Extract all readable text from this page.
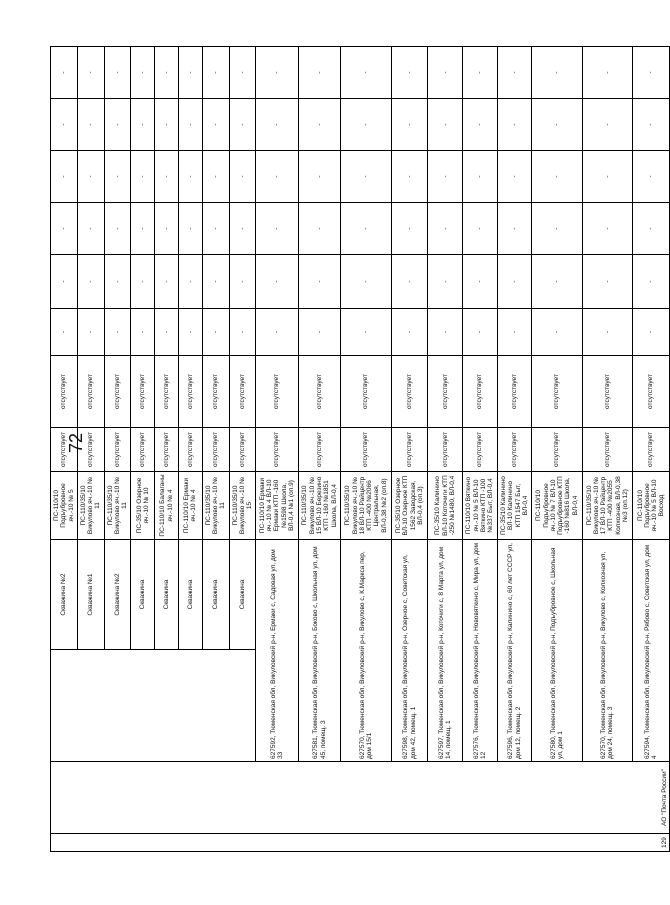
72
129	АО "Почта России"		Скважина №2	ПС-110/10 Подъубровное яч.-10 № 5	отсутствует	отсутствует	-	-	-	-	-	-
			Скважина №1	ПС-110/35/10 Викулово яч.-10 № 11	отсутствует	отсутствует	-	-	-	-	-	-
			Скважина №2	ПС-110/35/10 Викулово яч.-10 № 11	отсутствует	отсутствует	-	-	-	-	-	-
			Скважина	ПС-35/10 Озерное яч.-10 № 10	отсутствует	отсутствует	-	-	-	-	-	-
			Скважина	ПС-110/10 Балаганы яч.-10 № 4	отсутствует	отсутствует	-	-	-	-	-	-
			Скважина	ПС-110/10 Ермаки яч.-10 № 4	отсутствует	отсутствует	-	-	-	-	-	-
			Скважина	ПС-110/35/10 Викулово яч.-10 № 11	отсутствует	отсутствует	-	-	-	-	-	-
			Скважина	ПС-110/35/10 Викулово яч.-10 № 15	отсутствует	отсутствует	-	-	-	-	-	-
		627592, Тюменская обл, Викуловский р-н, Ермаки с, Садовая ул, дом 33		ПС-110/10 Ермаки яч.-10 № 4 ВЛ-10 Ермаки КТП -160 №1598 Школа, ВЛ-0,4 №1 (оп.9)	отсутствует	отсутствует	-	-	-	-	-	-
		627581, Тюменская обл, Викуловский р-н, Боково с, Школьная ул, дом 45, помещ. 3		ПС-110/35/10 Викулово яч.-10 № 15 ВЛ-10 Березино КТП -160 №1851 Школа, ВЛ-0,4	отсутствует	отсутствует	-	-	-	-	-	-
		627570, Тюменская обл, Викуловский р-н, Викулово с, К.Маркса пер, дом 15/1		ПС-110/35/10 Викулово яч.-10 № 18 ВЛ-10 Райцентр КТП -400 №2066 Центральная, ВЛ-0,38 №2 (оп.8)	отсутствует	отсутствует	-	-	-	-	-	-
		627598, Тюменская обл, Викуловский р-н, Озерное с, Советская ул, дом 42, помещ. 1		ПС-35/10 Озерное ВЛ-10 Озерное КТП 1562 Заводская, ВЛ-0,4 (оп.3)	отсутствует	отсутствует	-	-	-	-	-	-
		627597, Тюменская обл, Викуловский р-н, Коточиги с, 8 Марта ул, дом 14, помещ. 1		ПС-35/10 Калинино ВЛ-10 Коточиги КТП -250 №1480, ВЛ-0,4	отсутствует	отсутствует	-	-	-	-	-	-
		627576, Тюменская обл, Викуловский р-н, Нововяткино с, Мира ул, дом 12		ПС-110/10 Вяткино яч.-10 № 5 ВЛ-10 Вяткино КТП -100 №337 Быт, ВЛ-0,4	отсутствует	отсутствует	-	-	-	-	-	-
		627596, Тюменская обл, Викуловский р-н, Калинино с, 60 лет СССР ул, дом 12, помещ. 2		ПС-35/10 Калинино ВЛ-10 Калинино КТП 1547 Быт, ВЛ-0,4	отсутствует	отсутствует	-	-	-	-	-	-
		627580, Тюменская обл, Викуловский р-н, Подъубровное с, Школьная ул, дом 1		ПС-110/10 Подъубровное яч.-10 № 7 ВЛ-10 Подъубровное КТП -160 №816 Школа, ВЛ-0,4	отсутствует	отсутствует	-	-	-	-	-	-
		627570, Тюменская обл, Викуловский р-н, Викулово с, Колхозная ул, дом 24, помещ. 3		ПС-110/35/10 Викулово яч.-10 № 17 ВЛ-10 Райцентр КТП -400 №2055 Колхозная, ВЛ-0,38 №3 (оп.12)	отсутствует	отсутствует	-	-	-	-	-	-
		627594, Тюменская обл, Викуловский р-н, Рябово с, Советская ул, дом 4		ПС-110/10 Подъубровное яч.-10 № 5 ВЛ-10 Восход	отсутствует	отсутствует	-	-	-	-	-	-
